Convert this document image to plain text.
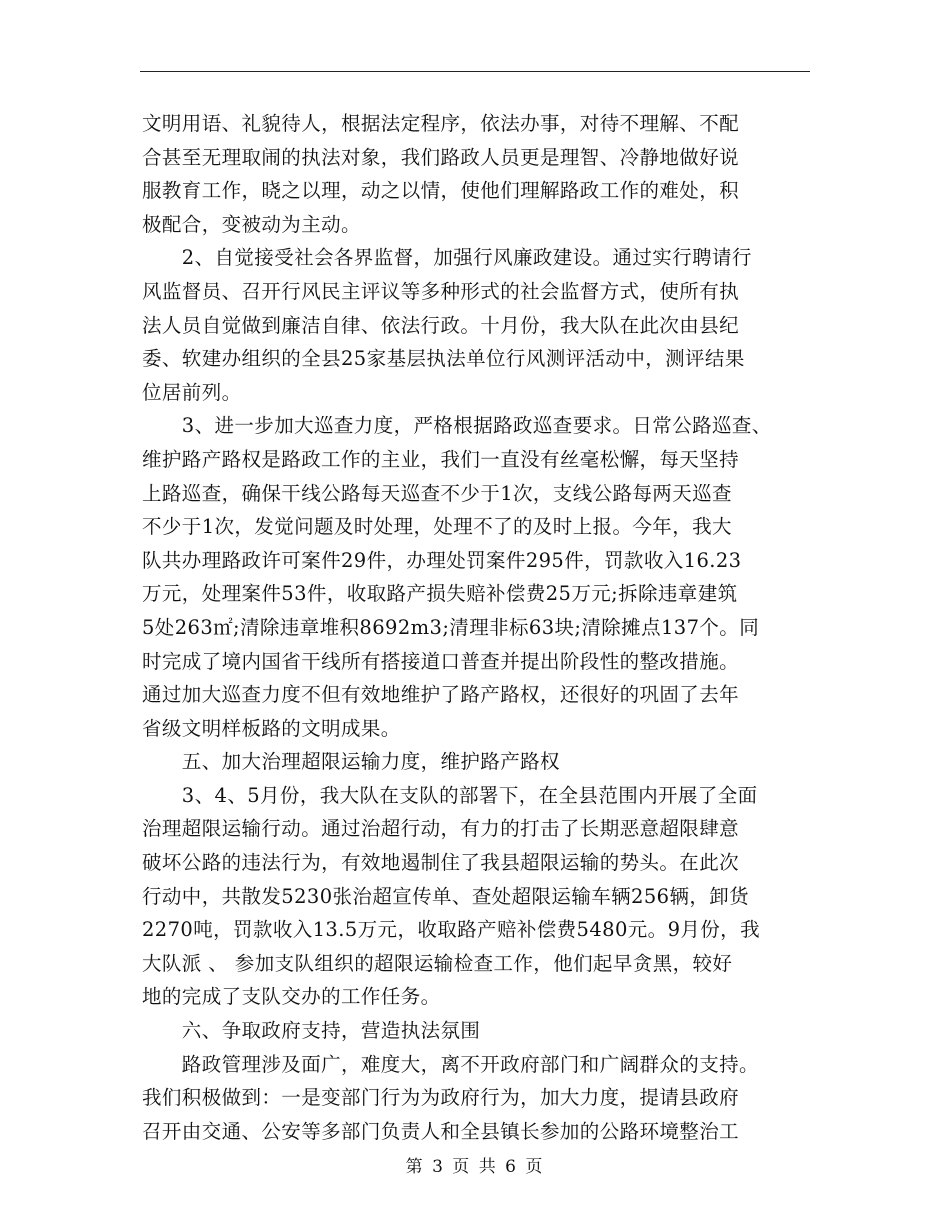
文明用语、礼貌待人，根据法定程序，依法办事，对待不理解、不配
合甚至无理取闹的执法对象，我们路政人员更是理智、冷静地做好说
服教育工作，晓之以理，动之以情，使他们理解路政工作的难处，积
极配合，变被动为主动。
　　2、自觉接受社会各界监督，加强行风廉政建设。通过实行聘请行
风监督员、召开行风民主评议等多种形式的社会监督方式，使所有执
法人员自觉做到廉洁自律、依法行政。十月份，我大队在此次由县纪
委、软建办组织的全县25家基层执法单位行风测评活动中，测评结果
位居前列。
　　3、进一步加大巡查力度，严格根据路政巡查要求。日常公路巡查、
维护路产路权是路政工作的主业，我们一直没有丝毫松懈，每天坚持
上路巡查，确保干线公路每天巡查不少于1次，支线公路每两天巡查
不少于1次，发觉问题及时处理，处理不了的及时上报。今年，我大
队共办理路政许可案件29件，办理处罚案件295件，罚款收入16.23
万元，处理案件53件，收取路产损失赔补偿费25万元;拆除违章建筑
5处263㎡;清除违章堆积8692m3;清理非标63块;清除摊点137个。同
时完成了境内国省干线所有搭接道口普查并提出阶段性的整改措施。
通过加大巡查力度不但有效地维护了路产路权，还很好的巩固了去年
省级文明样板路的文明成果。
　　五、加大治理超限运输力度，维护路产路权
　　3、4、5月份，我大队在支队的部署下，在全县范围内开展了全面
治理超限运输行动。通过治超行动，有力的打击了长期恶意超限肆意
破坏公路的违法行为，有效地遏制住了我县超限运输的势头。在此次
行动中，共散发5230张治超宣传单、查处超限运输车辆256辆，卸货
2270吨，罚款收入13.5万元，收取路产赔补偿费5480元。9月份，我
大队派 、 参加支队组织的超限运输检查工作，他们起早贪黑，较好
地的完成了支队交办的工作任务。
　　六、争取政府支持，营造执法氛围
　　路政管理涉及面广，难度大，离不开政府部门和广阔群众的支持。
我们积极做到：一是变部门行为为政府行为，加大力度，提请县政府
召开由交通、公安等多部门负责人和全县镇长参加的公路环境整治工
第 3 页 共 6 页
